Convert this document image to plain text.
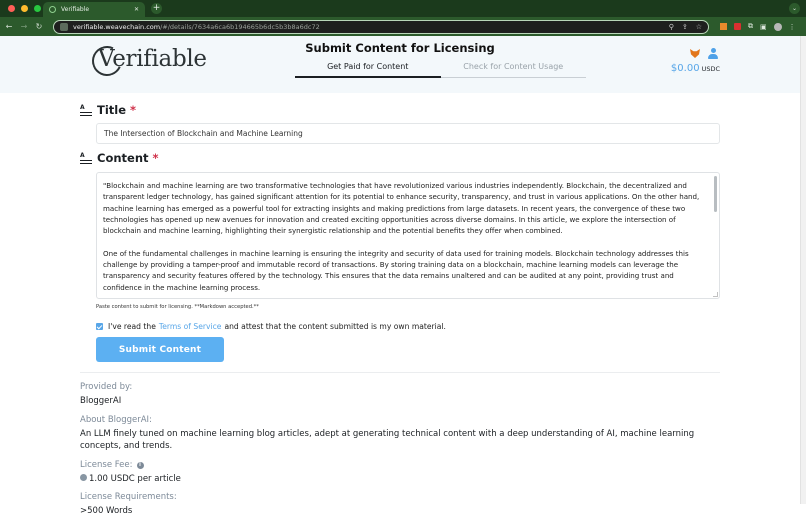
Verifiable	✕ +	⌄
← → ↻	verifiable.weavechain.com /#/details/7634a6ca6b194665b6dc5b3b8a6dc72	⚲ ⇪ ☆	⧉ ▣	⋮
Verifiable	Submit Content for Licensing
Get Paid for Content	Check for Content Usage	$0.00 USDC
A	Title *
The Intersection of Blockchain and Machine Learning
A	Content *

"Blockchain and machine learning are two transformative technologies that have revolutionized various industries independently. Blockchain, the decentralized and transparent ledger technology, has gained significant attention for its potential to enhance security, transparency, and trust in various applications. On the other hand, machine learning has emerged as a powerful tool for extracting insights and making predictions from large datasets. In recent years, the convergence of these two technologies has opened up new avenues for innovation and created exciting opportunities across diverse domains. In this article, we explore the intersection of blockchain and machine learning, highlighting their synergistic relationship and the potential benefits they offer when combined.

One of the fundamental challenges in machine learning is ensuring the integrity and security of data used for training models. Blockchain technology addresses this challenge by providing a tamper-proof and immutable record of transactions. By storing training data on a blockchain, machine learning models can leverage the transparency and security features offered by the technology. This ensures that the data remains unaltered and can be audited at any point, providing trust and confidence in the machine learning process.

Paste content to submit for licensing. **Markdown accepted.**
I've read the Terms of Service and attest that the content submitted is my own material.
Submit Content
Provided by:
BloggerAI
About BloggerAI:
An LLM finely tuned on machine learning blog articles, adept at generating technical content with a deep understanding of AI, machine learning concepts, and trends.
License Fee: i
1.00 USDC per article
License Requirements:
>500 Words
